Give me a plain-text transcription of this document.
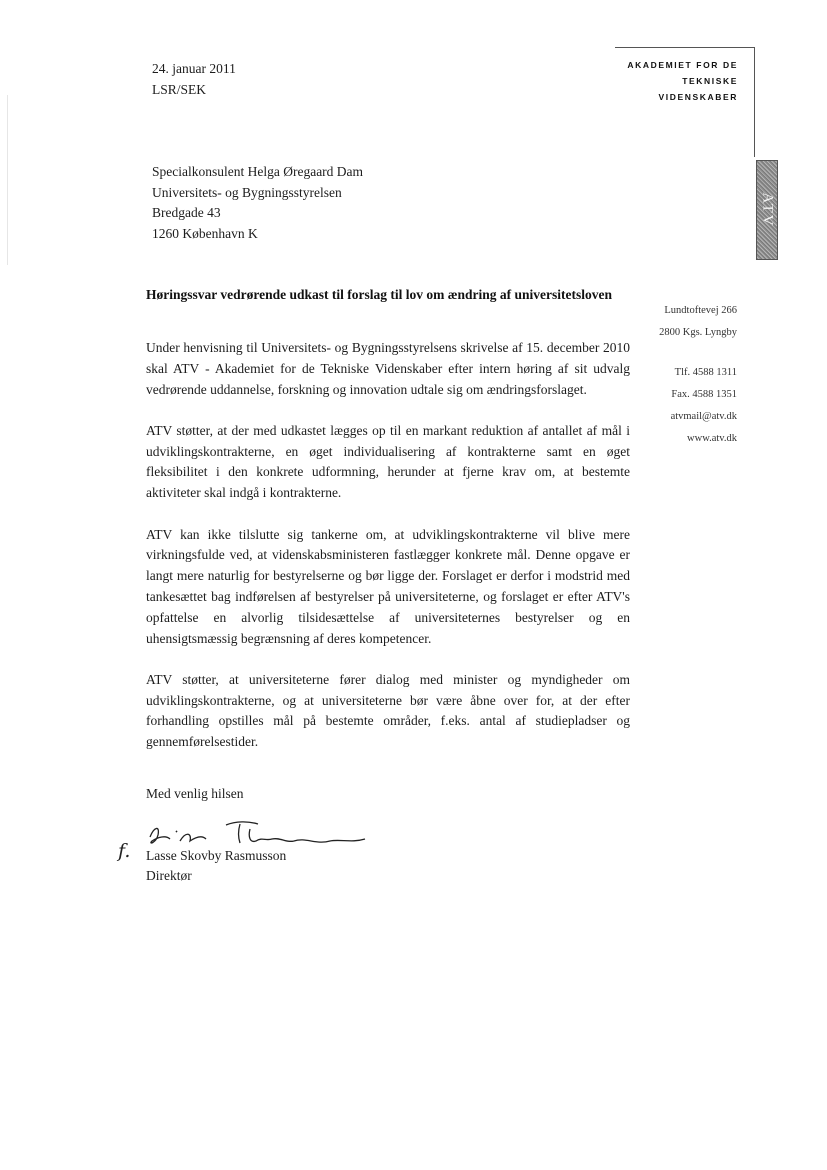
24. januar 2011
LSR/SEK
AKADEMIET FOR DE
TEKNISKE
VIDENSKABER
ATV
Specialkonsulent Helga Øregaard Dam
Universitets- og Bygningsstyrelsen
Bredgade 43
1260 København K
Høringssvar vedrørende udkast til forslag til lov om ændring af universitetsloven
Lundtoftevej 266
2800 Kgs. Lyngby
Tlf. 4588 1311
Fax. 4588 1351
atvmail@atv.dk
www.atv.dk

Under henvisning til Universitets- og Bygningsstyrelsens skrivelse af 15. december 2010 skal ATV - Akademiet for de Tekniske Videnskaber efter intern høring af sit udvalg vedrørende uddannelse, forskning og innovation udtale sig om ændringsforslaget.

ATV støtter, at der med udkastet lægges op til en markant reduktion af antallet af mål i udviklingskontrakterne, en øget individualisering af kontrakterne samt en øget fleksibilitet i den konkrete udformning, herunder at fjerne krav om, at bestemte aktiviteter skal indgå i kontrakterne.

ATV kan ikke tilslutte sig tankerne om, at udviklingskontrakterne vil blive mere virkningsfulde ved, at videnskabsministeren fastlægger konkrete mål. Denne opgave er langt mere naturlig for bestyrelserne og bør ligge der. Forslaget er derfor i modstrid med tankesættet bag indførelsen af bestyrelser på universiteterne, og forslaget er efter ATV's opfattelse en alvorlig tilsidesættelse af universiteternes bestyrelser og en uhensigtsmæssig begrænsning af deres kompetencer.

ATV støtter, at universiteterne fører dialog med minister og myndigheder om udviklingskontrakterne, og at universiteterne bør være åbne over for, at der efter forhandling opstilles mål på bestemte områder, f.eks. antal af studiepladser og gennemførelsestider.

Med venlig hilsen
f. Lasse Skovby Rasmusson
Direktør
